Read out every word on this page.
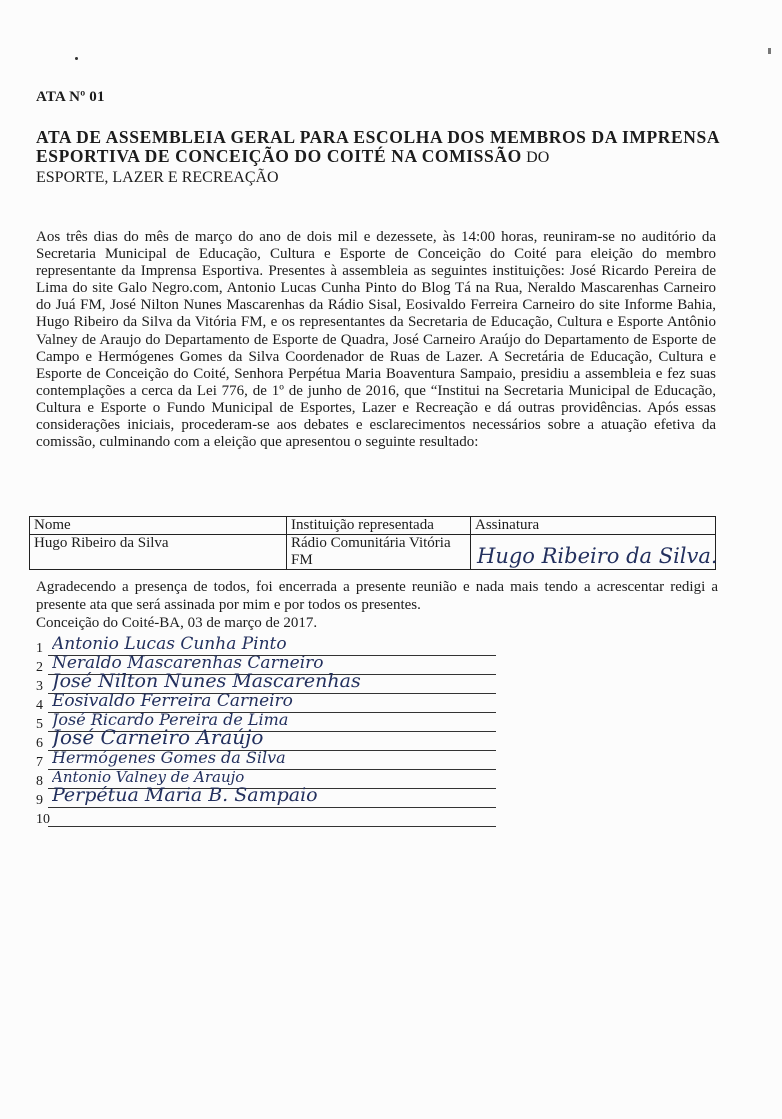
ATA Nº 01
ATA DE ASSEMBLEIA GERAL PARA ESCOLHA DOS MEMBROS DA IMPRENSA ESPORTIVA DE CONCEIÇÃO DO COITÉ NA COMISSÃO DO
ESPORTE, LAZER E RECREAÇÃO
Aos três dias do mês de março do ano de dois mil e dezessete, às 14:00 horas, reuniram-se no auditório da Secretaria Municipal de Educação, Cultura e Esporte de Conceição do Coité para eleição do membro representante da Imprensa Esportiva. Presentes à assembleia as seguintes instituições: José Ricardo Pereira de Lima do site Galo Negro.com, Antonio Lucas Cunha Pinto do Blog Tá na Rua, Neraldo Mascarenhas Carneiro do Juá FM, José Nilton Nunes Mascarenhas da Rádio Sisal, Eosivaldo Ferreira Carneiro do site Informe Bahia, Hugo Ribeiro da Silva da Vitória FM, e os representantes da Secretaria de Educação, Cultura e Esporte Antônio Valney de Araujo do Departamento de Esporte de Quadra, José Carneiro Araújo do Departamento de Esporte de Campo e Hermógenes Gomes da Silva Coordenador de Ruas de Lazer. A Secretária de Educação, Cultura e Esporte de Conceição do Coité, Senhora Perpétua Maria Boaventura Sampaio, presidiu a assembleia e fez suas contemplações a cerca da Lei 776, de 1º de junho de 2016, que “Institui na Secretaria Municipal de Educação, Cultura e Esporte o Fundo Municipal de Esportes, Lazer e Recreação e dá outras providências. Após essas considerações iniciais, procederam-se aos debates e esclarecimentos necessários sobre a atuação efetiva da comissão, culminando com a eleição que apresentou o seguinte resultado:
Nome	Instituição representada	Assinatura
Hugo Ribeiro da Silva	Rádio Comunitária Vitória FM	Hugo Ribeiro da Silva.
Agradecendo a presença de todos, foi encerrada a presente reunião e nada mais tendo a acrescentar redigi a presente ata que será assinada por mim e por todos os presentes.
Conceição do Coité-BA, 03 de março de 2017.
1 Antonio Lucas Cunha Pinto
2 Neraldo Mascarenhas Carneiro
3 José Nilton Nunes Mascarenhas
4 Eosivaldo Ferreira Carneiro
5 José Ricardo Pereira de Lima
6 José Carneiro Araújo
7 Hermógenes Gomes da Silva
8 Antonio Valney de Araujo
9 Perpétua Maria B. Sampaio
10
